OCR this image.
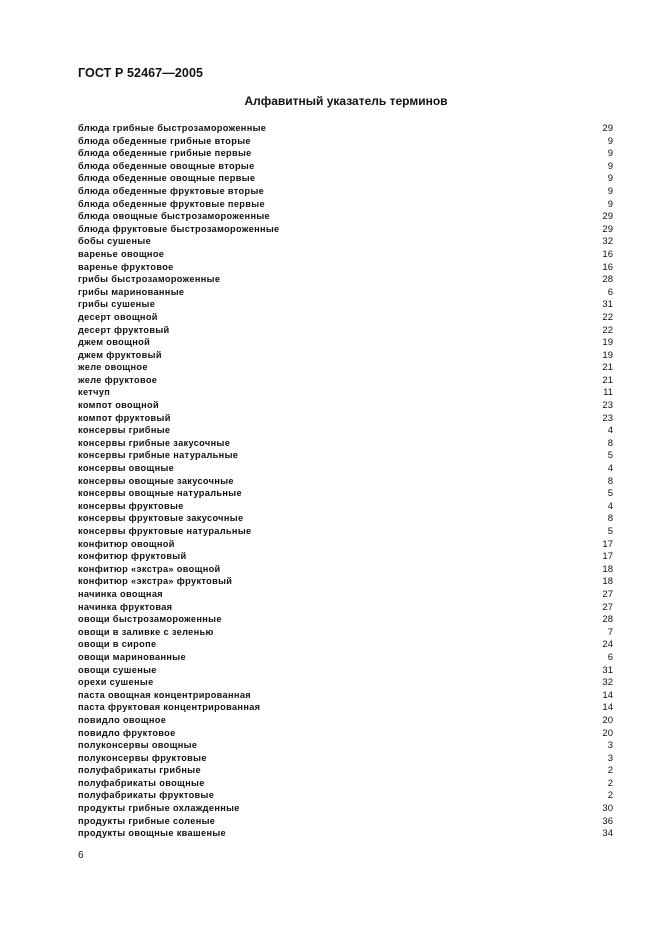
ГОСТ Р 52467—2005
Алфавитный указатель терминов
блюда грибные быстрозамороженные	29
блюда обеденные грибные вторые	9
блюда обеденные грибные первые	9
блюда обеденные овощные вторые	9
блюда обеденные овощные первые	9
блюда обеденные фруктовые вторые	9
блюда обеденные фруктовые первые	9
блюда овощные быстрозамороженные	29
блюда фруктовые быстрозамороженные	29
бобы сушеные	32
варенье овощное	16
варенье фруктовое	16
грибы быстрозамороженные	28
грибы маринованные	6
грибы сушеные	31
десерт овощной	22
десерт фруктовый	22
джем овощной	19
джем фруктовый	19
желе овощное	21
желе фруктовое	21
кетчуп	11
компот овощной	23
компот фруктовый	23
консервы грибные	4
консервы грибные закусочные	8
консервы грибные натуральные	5
консервы овощные	4
консервы овощные закусочные	8
консервы овощные натуральные	5
консервы фруктовые	4
консервы фруктовые закусочные	8
консервы фруктовые натуральные	5
конфитюр овощной	17
конфитюр фруктовый	17
конфитюр «экстра» овощной	18
конфитюр «экстра» фруктовый	18
начинка овощная	27
начинка фруктовая	27
овощи быстрозамороженные	28
овощи в заливке с зеленью	7
овощи в сиропе	24
овощи маринованные	6
овощи сушеные	31
орехи сушеные	32
паста овощная концентрированная	14
паста фруктовая концентрированная	14
повидло овощное	20
повидло фруктовое	20
полуконсервы овощные	3
полуконсервы фруктовые	3
полуфабрикаты грибные	2
полуфабрикаты овощные	2
полуфабрикаты фруктовые	2
продукты грибные охлажденные	30
продукты грибные соленые	36
продукты овощные квашеные	34
6
